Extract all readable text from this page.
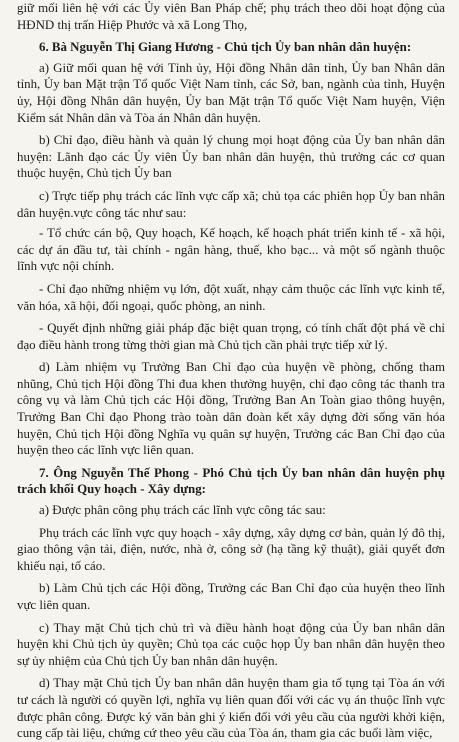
giữ mối liên hệ với các Ủy viên Ban Pháp chế; phụ trách theo dõi hoạt động của HĐND thị trấn Hiệp Phước và xã Long Thọ,

6. Bà Nguyễn Thị Giang Hương - Chủ tịch Ủy ban nhân dân huyện:

a) Giữ mối quan hệ với Tỉnh ủy, Hội đồng Nhân dân tỉnh, Ủy ban Nhân dân tỉnh, Ủy ban Mặt trận Tổ quốc Việt Nam tỉnh, các Sở, ban, ngành của tỉnh, Huyện ủy, Hội đồng Nhân dân huyện, Ủy ban Mặt trận Tổ quốc Việt Nam huyện, Viện Kiểm sát Nhân dân và Tòa án Nhân dân huyện.

b) Chỉ đạo, điều hành và quản lý chung mọi hoạt động của Ủy ban nhân dân huyện: Lãnh đạo các Ủy viên Ủy ban nhân dân huyện, thủ trưởng các cơ quan thuộc huyện, Chủ tịch Ủy ban

c) Trực tiếp phụ trách các lĩnh vực cấp xã; chủ tọa các phiên họp Ủy ban nhân dân huyện.vực công tác như sau:

- Tổ chức cán bộ, Quy hoạch, Kế hoạch, kế hoạch phát triển kinh tế - xã hội, các dự án đầu tư, tài chính - ngân hàng, thuế, kho bạc... và một số ngành thuộc lĩnh vực nội chính.

- Chỉ đạo những nhiệm vụ lớn, đột xuất, nhạy cảm thuộc các lĩnh vực kinh tế, văn hóa, xã hội, đối ngoại, quốc phòng, an ninh.

- Quyết định những giải pháp đặc biệt quan trọng, có tính chất đột phá về chỉ đạo điều hành trong từng thời gian mà Chủ tịch cần phải trực tiếp xử lý.

d) Làm nhiệm vụ Trưởng Ban Chỉ đạo của huyện về phòng, chống tham nhũng, Chủ tịch Hội đồng Thi đua khen thưởng huyện, chỉ đạo công tác thanh tra công vụ và làm Chủ tịch các Hội đồng, Trưởng Ban An Toàn giao thông huyện, Trưởng Ban Chỉ đạo Phong trào toàn dân đoàn kết xây dựng đời sống văn hóa huyện, Chủ tịch Hội đồng Nghĩa vụ quân sự huyện, Trưởng các Ban Chỉ đạo của huyện theo các lĩnh vực liên quan.

7. Ông Nguyễn Thế Phong - Phó Chủ tịch Ủy ban nhân dân huyện phụ trách khối Quy hoạch - Xây dựng:

a) Được phân công phụ trách các lĩnh vực công tác sau:

Phụ trách các lĩnh vực quy hoạch - xây dựng, xây dựng cơ bản, quản lý đô thị, giao thông vận tải, điện, nước, nhà ở, công sở (hạ tầng kỹ thuật), giải quyết đơn khiếu nại, tố cáo.

b) Làm Chủ tịch các Hội đồng, Trưởng các Ban Chỉ đạo của huyện theo lĩnh vực liên quan.

c) Thay mặt Chủ tịch chủ trì và điều hành hoạt động của Ủy ban nhân dân huyện khi Chủ tịch ủy quyền; Chủ tọa các cuộc họp Ủy ban nhân dân huyện theo sự ủy nhiệm của Chủ tịch Ủy ban nhân dân huyện.

d) Thay mặt Chủ tịch Ủy ban nhân dân huyện tham gia tố tụng tại Tòa án với tư cách là người có quyền lợi, nghĩa vụ liên quan đối với các vụ án thuộc lĩnh vực được phân công. Được ký văn bản ghi ý kiến đối với yêu cầu của người khởi kiện, cung cấp tài liệu, chứng cứ theo yêu cầu của Tòa án, tham gia các buổi làm việc,
